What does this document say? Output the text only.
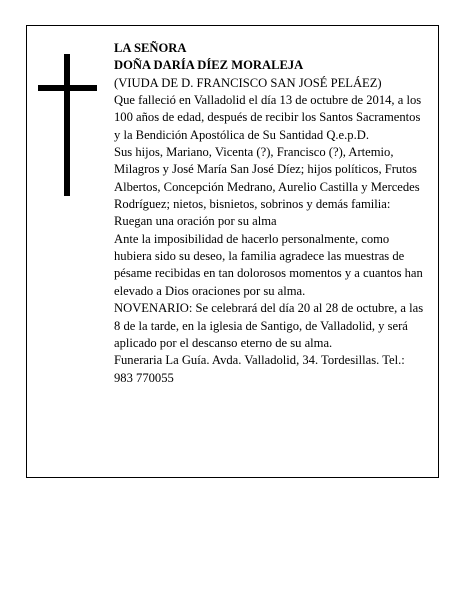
LA SEÑORA

DOÑA DARÍA DÍEZ MORALEJA

(VIUDA DE D. FRANCISCO SAN JOSÉ PELÁEZ)

Que falleció en Valladolid el día 13 de octubre de 2014, a los 100 años de edad, después de recibir los Santos Sacramentos y la Bendición Apostólica de Su Santidad Q.e.p.D.

Sus hijos, Mariano, Vicenta (?), Francisco (?), Artemio, Milagros y José María San José Díez; hijos políticos, Frutos Albertos, Concepción Medrano, Aurelio Castilla y Mercedes Rodríguez; nietos, bisnietos, sobrinos y demás familia:

Ruegan una oración por su alma

Ante la imposibilidad de hacerlo personalmente, como hubiera sido su deseo, la familia agradece las muestras de pésame recibidas en tan dolorosos momentos y a cuantos han elevado a Dios oraciones por su alma.

NOVENARIO: Se celebrará del día 20 al 28 de octubre, a las 8 de la tarde, en la iglesia de Santigo, de Valladolid, y será aplicado por el descanso eterno de su alma.

Funeraria La Guía. Avda. Valladolid, 34. Tordesillas. Tel.: 983 770055
